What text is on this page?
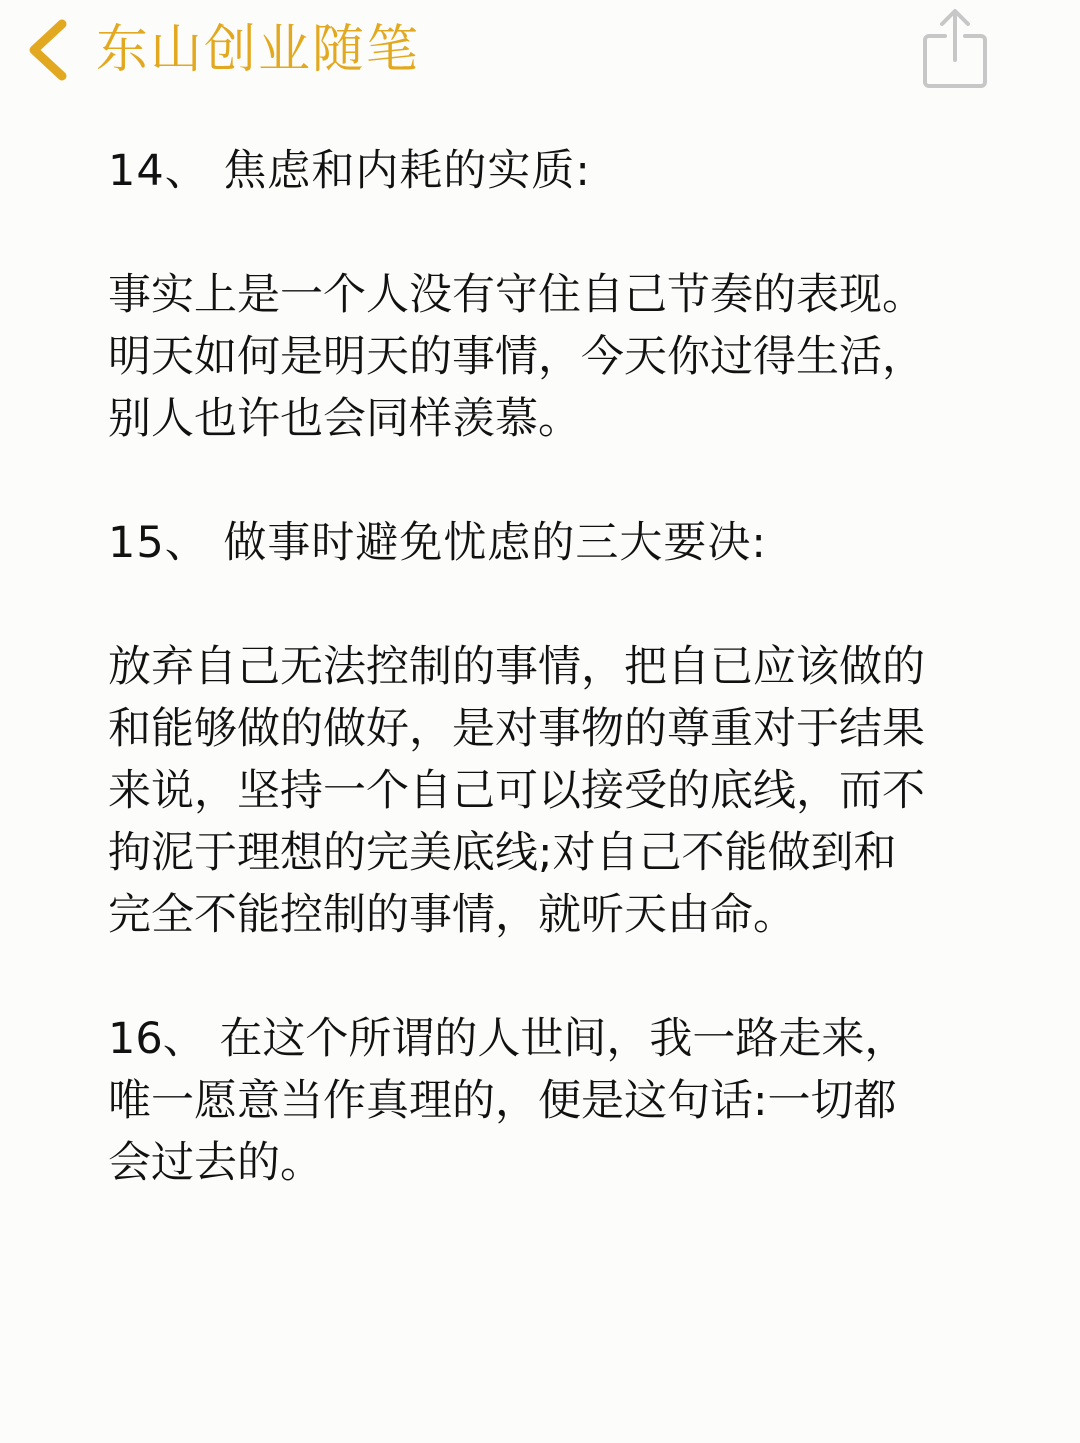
东山创业随笔

14、 焦虑和内耗的实质:

事实上是一个人没有守住自己节奏的表现。明天如何是明天的事情，今天你过得生活，别人也许也会同样羡慕。

15、 做事时避免忧虑的三大要决:

放弃自己无法控制的事情，把自已应该做的和能够做的做好，是对事物的尊重对于结果来说，坚持一个自己可以接受的底线，而不拘泥于理想的完美底线;对自己不能做到和完全不能控制的事情，就听天由命。

16、 在这个所谓的人世间，我一路走来，唯一愿意当作真理的，便是这句话:一切都会过去的。
